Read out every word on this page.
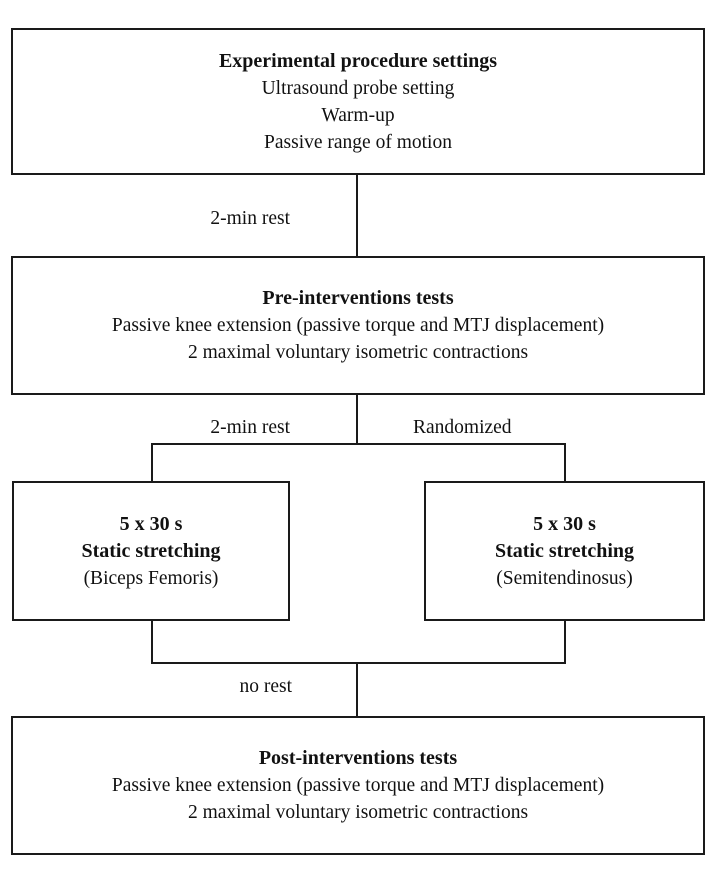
Experimental procedure settings
Ultrasound probe setting
Warm-up
Passive range of motion
2-min rest
Pre-interventions tests
Passive knee extension (passive torque and MTJ displacement)
2 maximal voluntary isometric contractions
2-min rest	Randomized
5 x 30 s
Static stretching
(Biceps Femoris)
5 x 30 s
Static stretching
(Semitendinosus)
no rest
Post-interventions tests
Passive knee extension (passive torque and MTJ displacement)
2 maximal voluntary isometric contractions
